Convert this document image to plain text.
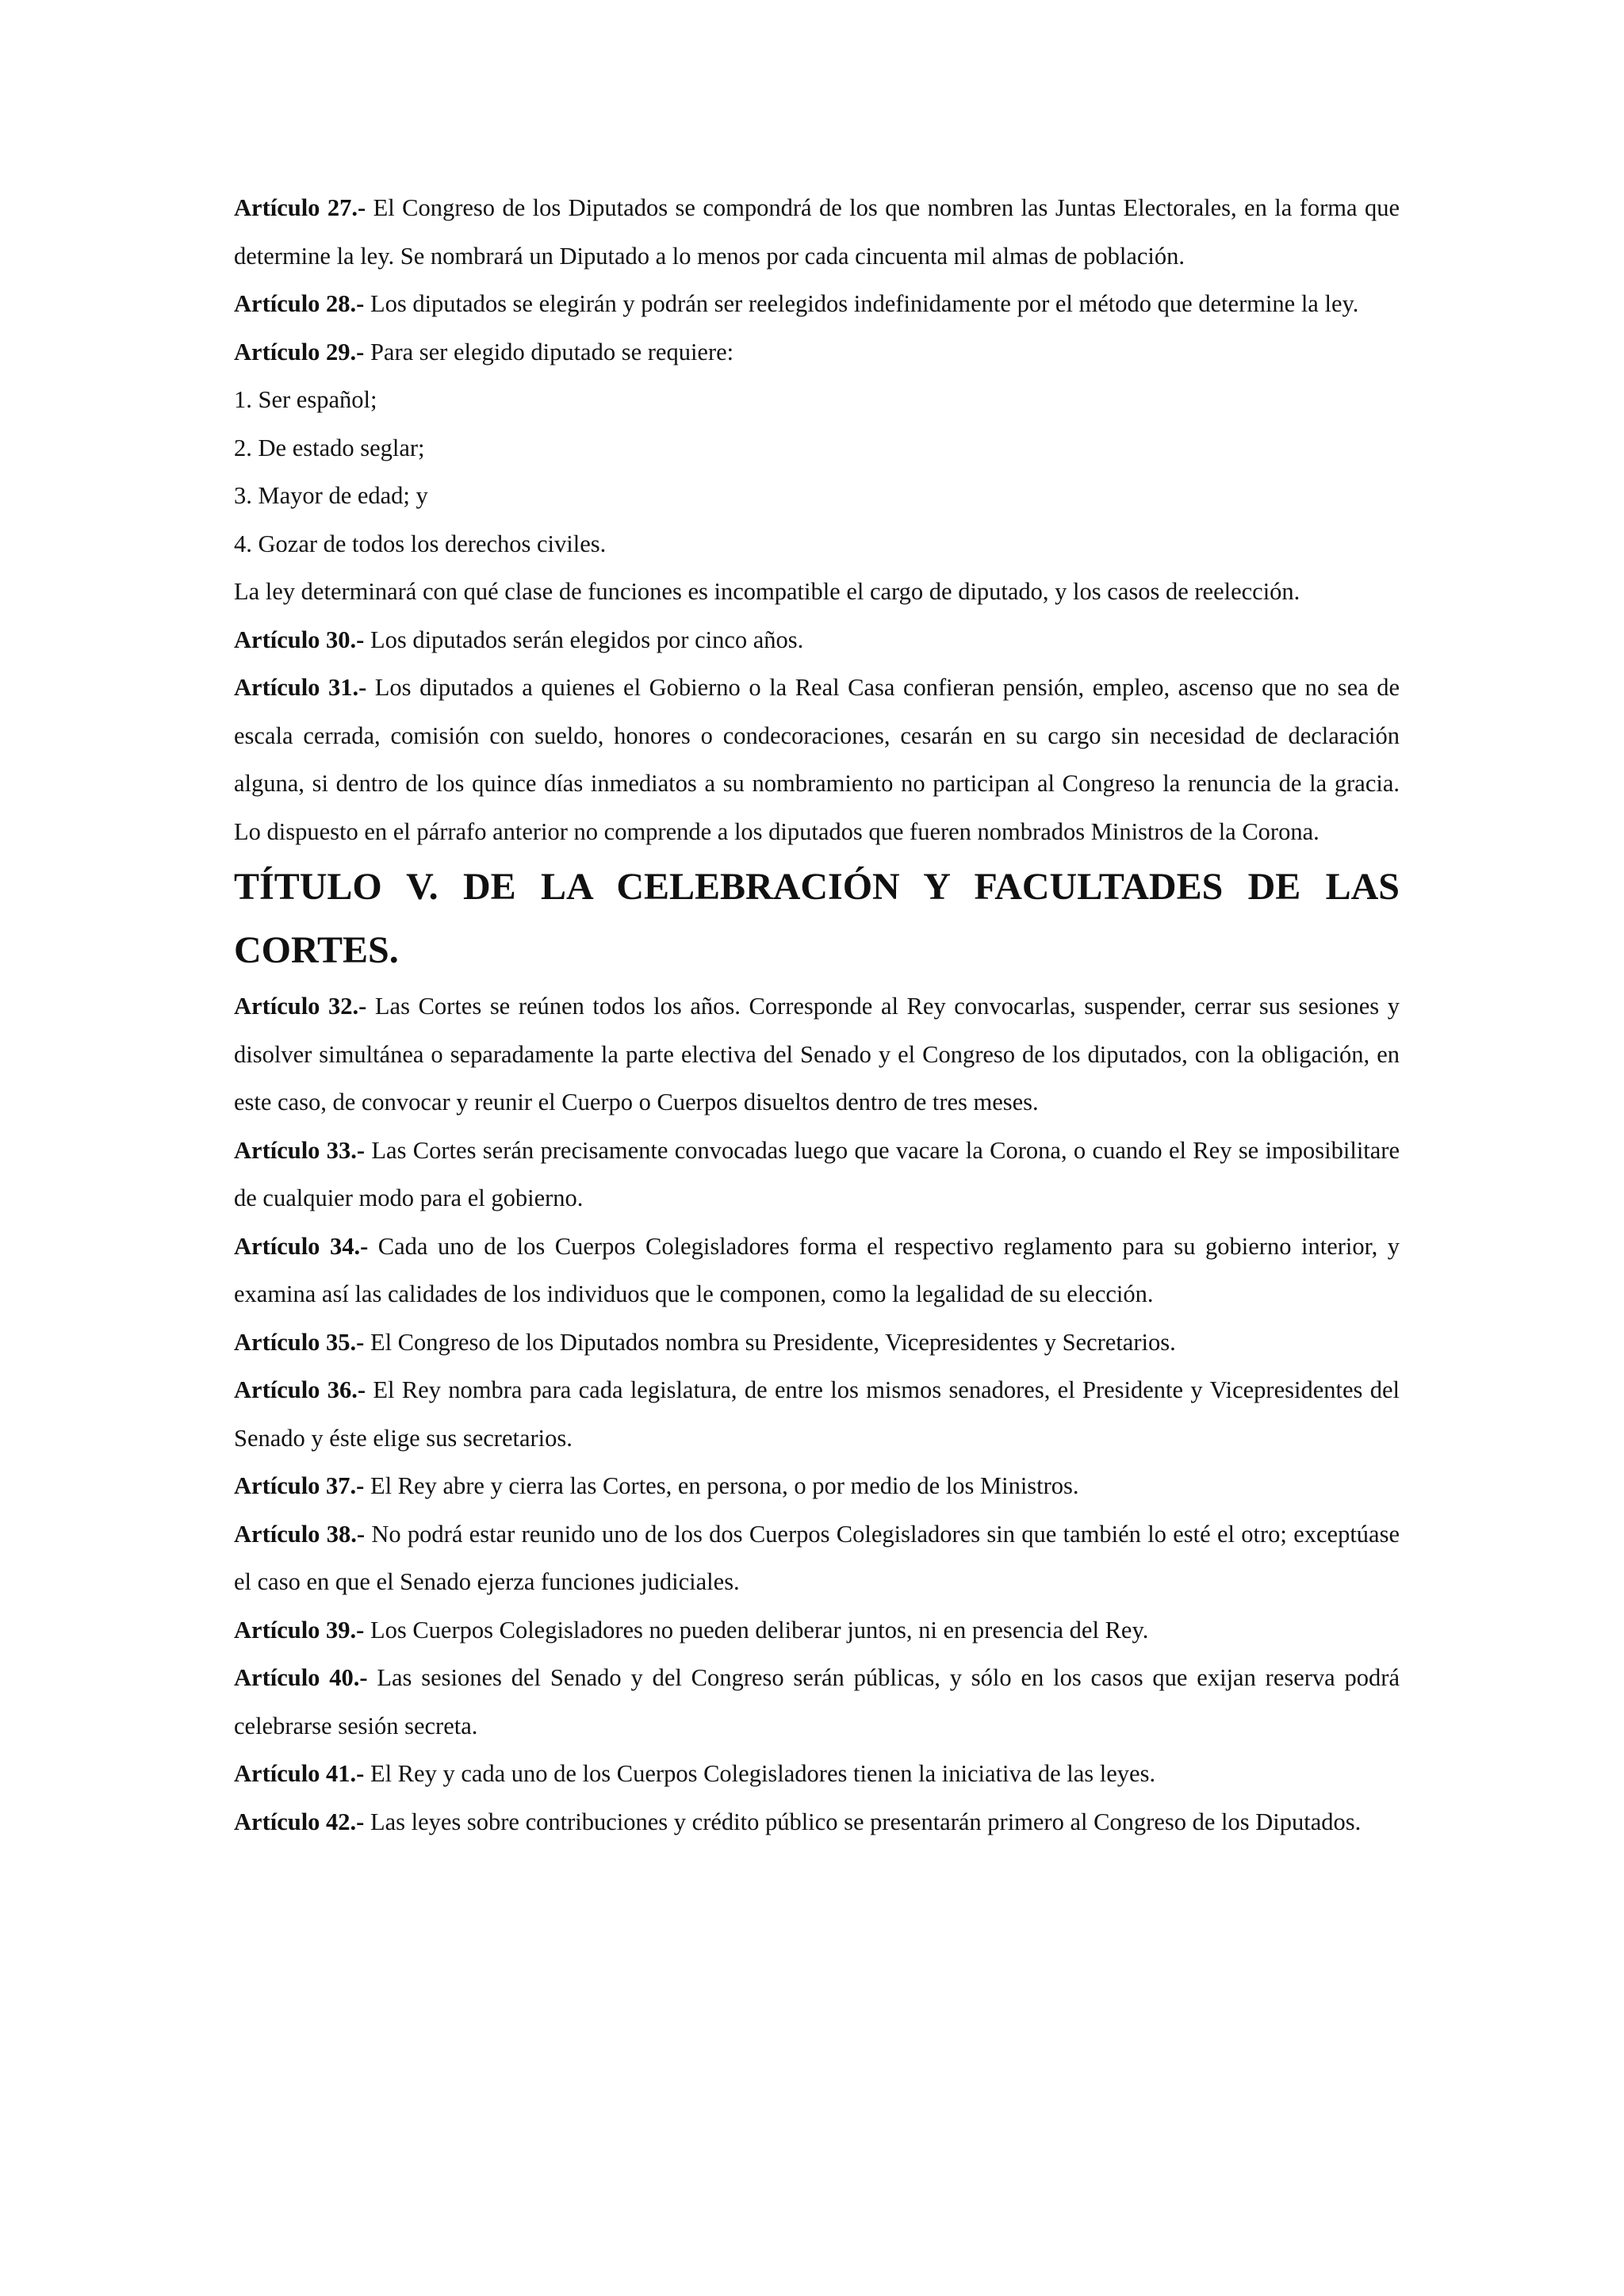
Artículo 27.- El Congreso de los Diputados se compondrá de los que nombren las Juntas Electorales, en la forma que determine la ley. Se nombrará un Diputado a lo menos por cada cincuenta mil almas de población.

Artículo 28.- Los diputados se elegirán y podrán ser reelegidos indefinidamente por el método que determine la ley.

Artículo 29.- Para ser elegido diputado se requiere:

1. Ser español;

2. De estado seglar;

3. Mayor de edad; y

4. Gozar de todos los derechos civiles.

La ley determinará con qué clase de funciones es incompatible el cargo de diputado, y los casos de reelección.

Artículo 30.- Los diputados serán elegidos por cinco años.

Artículo 31.- Los diputados a quienes el Gobierno o la Real Casa confieran pensión, empleo, ascenso que no sea de escala cerrada, comisión con sueldo, honores o condecoraciones, cesarán en su cargo sin necesidad de declaración alguna, si dentro de los quince días inmediatos a su nombramiento no participan al Congreso la renuncia de la gracia. Lo dispuesto en el párrafo anterior no comprende a los diputados que fueren nombrados Ministros de la Corona.

TÍTULO V. DE LA CELEBRACIÓN Y FACULTADES DE LAS CORTES.

Artículo 32.- Las Cortes se reúnen todos los años. Corresponde al Rey convocarlas, suspender, cerrar sus sesiones y disolver simultánea o separadamente la parte electiva del Senado y el Congreso de los diputados, con la obligación, en este caso, de convocar y reunir el Cuerpo o Cuerpos disueltos dentro de tres meses.

Artículo 33.- Las Cortes serán precisamente convocadas luego que vacare la Corona, o cuando el Rey se imposibilitare de cualquier modo para el gobierno.

Artículo 34.- Cada uno de los Cuerpos Colegisladores forma el respectivo reglamento para su gobierno interior, y examina así las calidades de los individuos que le componen, como la legalidad de su elección.

Artículo 35.- El Congreso de los Diputados nombra su Presidente, Vicepresidentes y Secretarios.

Artículo 36.- El Rey nombra para cada legislatura, de entre los mismos senadores, el Presidente y Vicepresidentes del Senado y éste elige sus secretarios.

Artículo 37.- El Rey abre y cierra las Cortes, en persona, o por medio de los Ministros.

Artículo 38.- No podrá estar reunido uno de los dos Cuerpos Colegisladores sin que también lo esté el otro; exceptúase el caso en que el Senado ejerza funciones judiciales.

Artículo 39.- Los Cuerpos Colegisladores no pueden deliberar juntos, ni en presencia del Rey.

Artículo 40.- Las sesiones del Senado y del Congreso serán públicas, y sólo en los casos que exijan reserva podrá celebrarse sesión secreta.

Artículo 41.- El Rey y cada uno de los Cuerpos Colegisladores tienen la iniciativa de las leyes.

Artículo 42.- Las leyes sobre contribuciones y crédito público se presentarán primero al Congreso de los Diputados.
